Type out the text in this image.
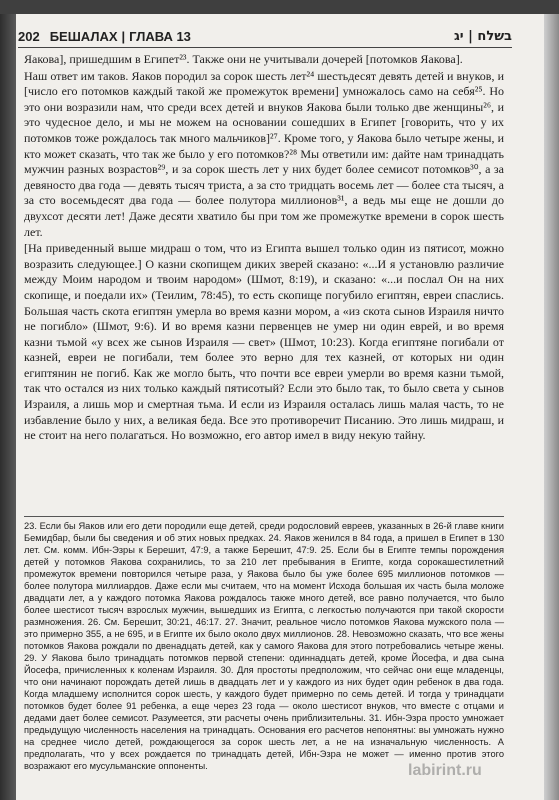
202 БЕШАЛАХ | ГЛАВА 13	בשלח | יג

Яакова], пришедшим в Египет²³. Также они не учитывали дочерей [потомков Яакова].

Наш ответ им таков. Яаков породил за сорок шесть лет²⁴ шестьдесят девять детей и внуков, и [число его потомков каждый такой же промежуток времени] умножалось само на себя²⁵. Но это они возразили нам, что среди всех детей и внуков Яакова были только две женщины²⁶, и это чудесное дело, и мы не можем на основании сошедших в Египет [говорить, что у их потомков тоже рождалось так много мальчиков]²⁷. Кроме того, у Яакова было четыре жены, и кто может сказать, что так же было у его потомков?²⁸ Мы ответили им: дайте нам тринадцать мужчин разных возрастов²⁹, и за сорок шесть лет у них будет более семисот потомков³⁰, а за девяносто два года — девять тысяч триста, а за сто тридцать восемь лет — более ста тысяч, а за сто восемьдесят два года — более полутора миллионов³¹, а ведь мы еще не дошли до двухсот десяти лет! Даже десяти хватило бы при том же промежутке времени в сорок шесть лет.

[На приведенный выше мидраш о том, что из Египта вышел только один из пятисот, можно возразить следующее.] О казни скопищем диких зверей сказано: «...И я установлю различие между Моим народом и твоим народом» (Шмот, 8:19), и сказано: «...и послал Он на них скопище, и поедали их» (Теилим, 78:45), то есть скопище погубило египтян, евреи спаслись. Большая часть скота египтян умерла во время казни мором, а «из скота сынов Израиля ничто не погибло» (Шмот, 9:6). И во время казни первенцев не умер ни один еврей, и во время казни тьмой «у всех же сынов Израиля — свет» (Шмот, 10:23). Когда египтяне погибали от казней, евреи не погибали, тем более это верно для тех казней, от которых ни один египтянин не погиб. Как же могло быть, что почти все евреи умерли во время казни тьмой, так что остался из них только каждый пятисотый? Если это было так, то было света у сынов Израиля, а лишь мор и смертная тьма. И если из Израиля осталась лишь малая часть, то не избавление было у них, а великая беда. Все это противоречит Писанию. Это лишь мидраш, и не стоит на него полагаться. Но возможно, его автор имел в виду некую тайну.

23. Если бы Яаков или его дети породили еще детей, среди родословий евреев, указанных в 26-й главе книги Бемидбар, были бы сведения и об этих новых предках. 24. Яаков женился в 84 года, а пришел в Египет в 130 лет. См. комм. Ибн-Эзры к Берешит, 47:9, а также Берешит, 47:9. 25. Если бы в Египте темпы порождения детей у потомков Яакова сохранились, то за 210 лет пребывания в Египте, когда сорокашестилетний промежуток времени повторился четыре раза, у Яакова было бы уже более 695 миллионов потомков — более полутора миллиардов. Даже если мы считаем, что на момент Исхода большая их часть была моложе двадцати лет, а у каждого потомка Яакова рождалось также много детей, все равно получается, что было более шестисот тысяч взрослых мужчин, вышедших из Египта, с легкостью получаются при такой скорости размножения. 26. См. Берешит, 30:21, 46:17. 27. Значит, реальное число потомков Яакова мужского пола — это примерно 355, а не 695, и в Египте их было около двух миллионов. 28. Невозможно сказать, что все жены потомков Яакова рождали по двенадцать детей, как у самого Яакова для этого потребовались четыре жены. 29. У Яакова было тринадцать потомков первой степени: одиннадцать детей, кроме Йосефа, и два сына Йосефа, причисленных к коленам Израиля. 30. Для простоты предположим, что сейчас они еще младенцы, что они начинают порождать детей лишь в двадцать лет и у каждого из них будет один ребенок в два года. Когда младшему исполнится сорок шесть, у каждого будет примерно по семь детей. И тогда у тринадцати потомков будет более 91 ребенка, а еще через 23 года — около шестисот внуков, что вместе с отцами и дедами дает более семисот. Разумеется, эти расчеты очень приблизительны. 31. Ибн-Эзра просто умножает предыдущую численность населения на тринадцать. Основания его расчетов непонятны: вы умножать нужно на среднее число детей, рождающегося за сорок шесть лет, а не на изначальную численность. А предполагать, что у всех рождается по тринадцать детей, Ибн-Эзра не может — именно против этого возражают его мусульманские оппоненты.	labirint.ru
